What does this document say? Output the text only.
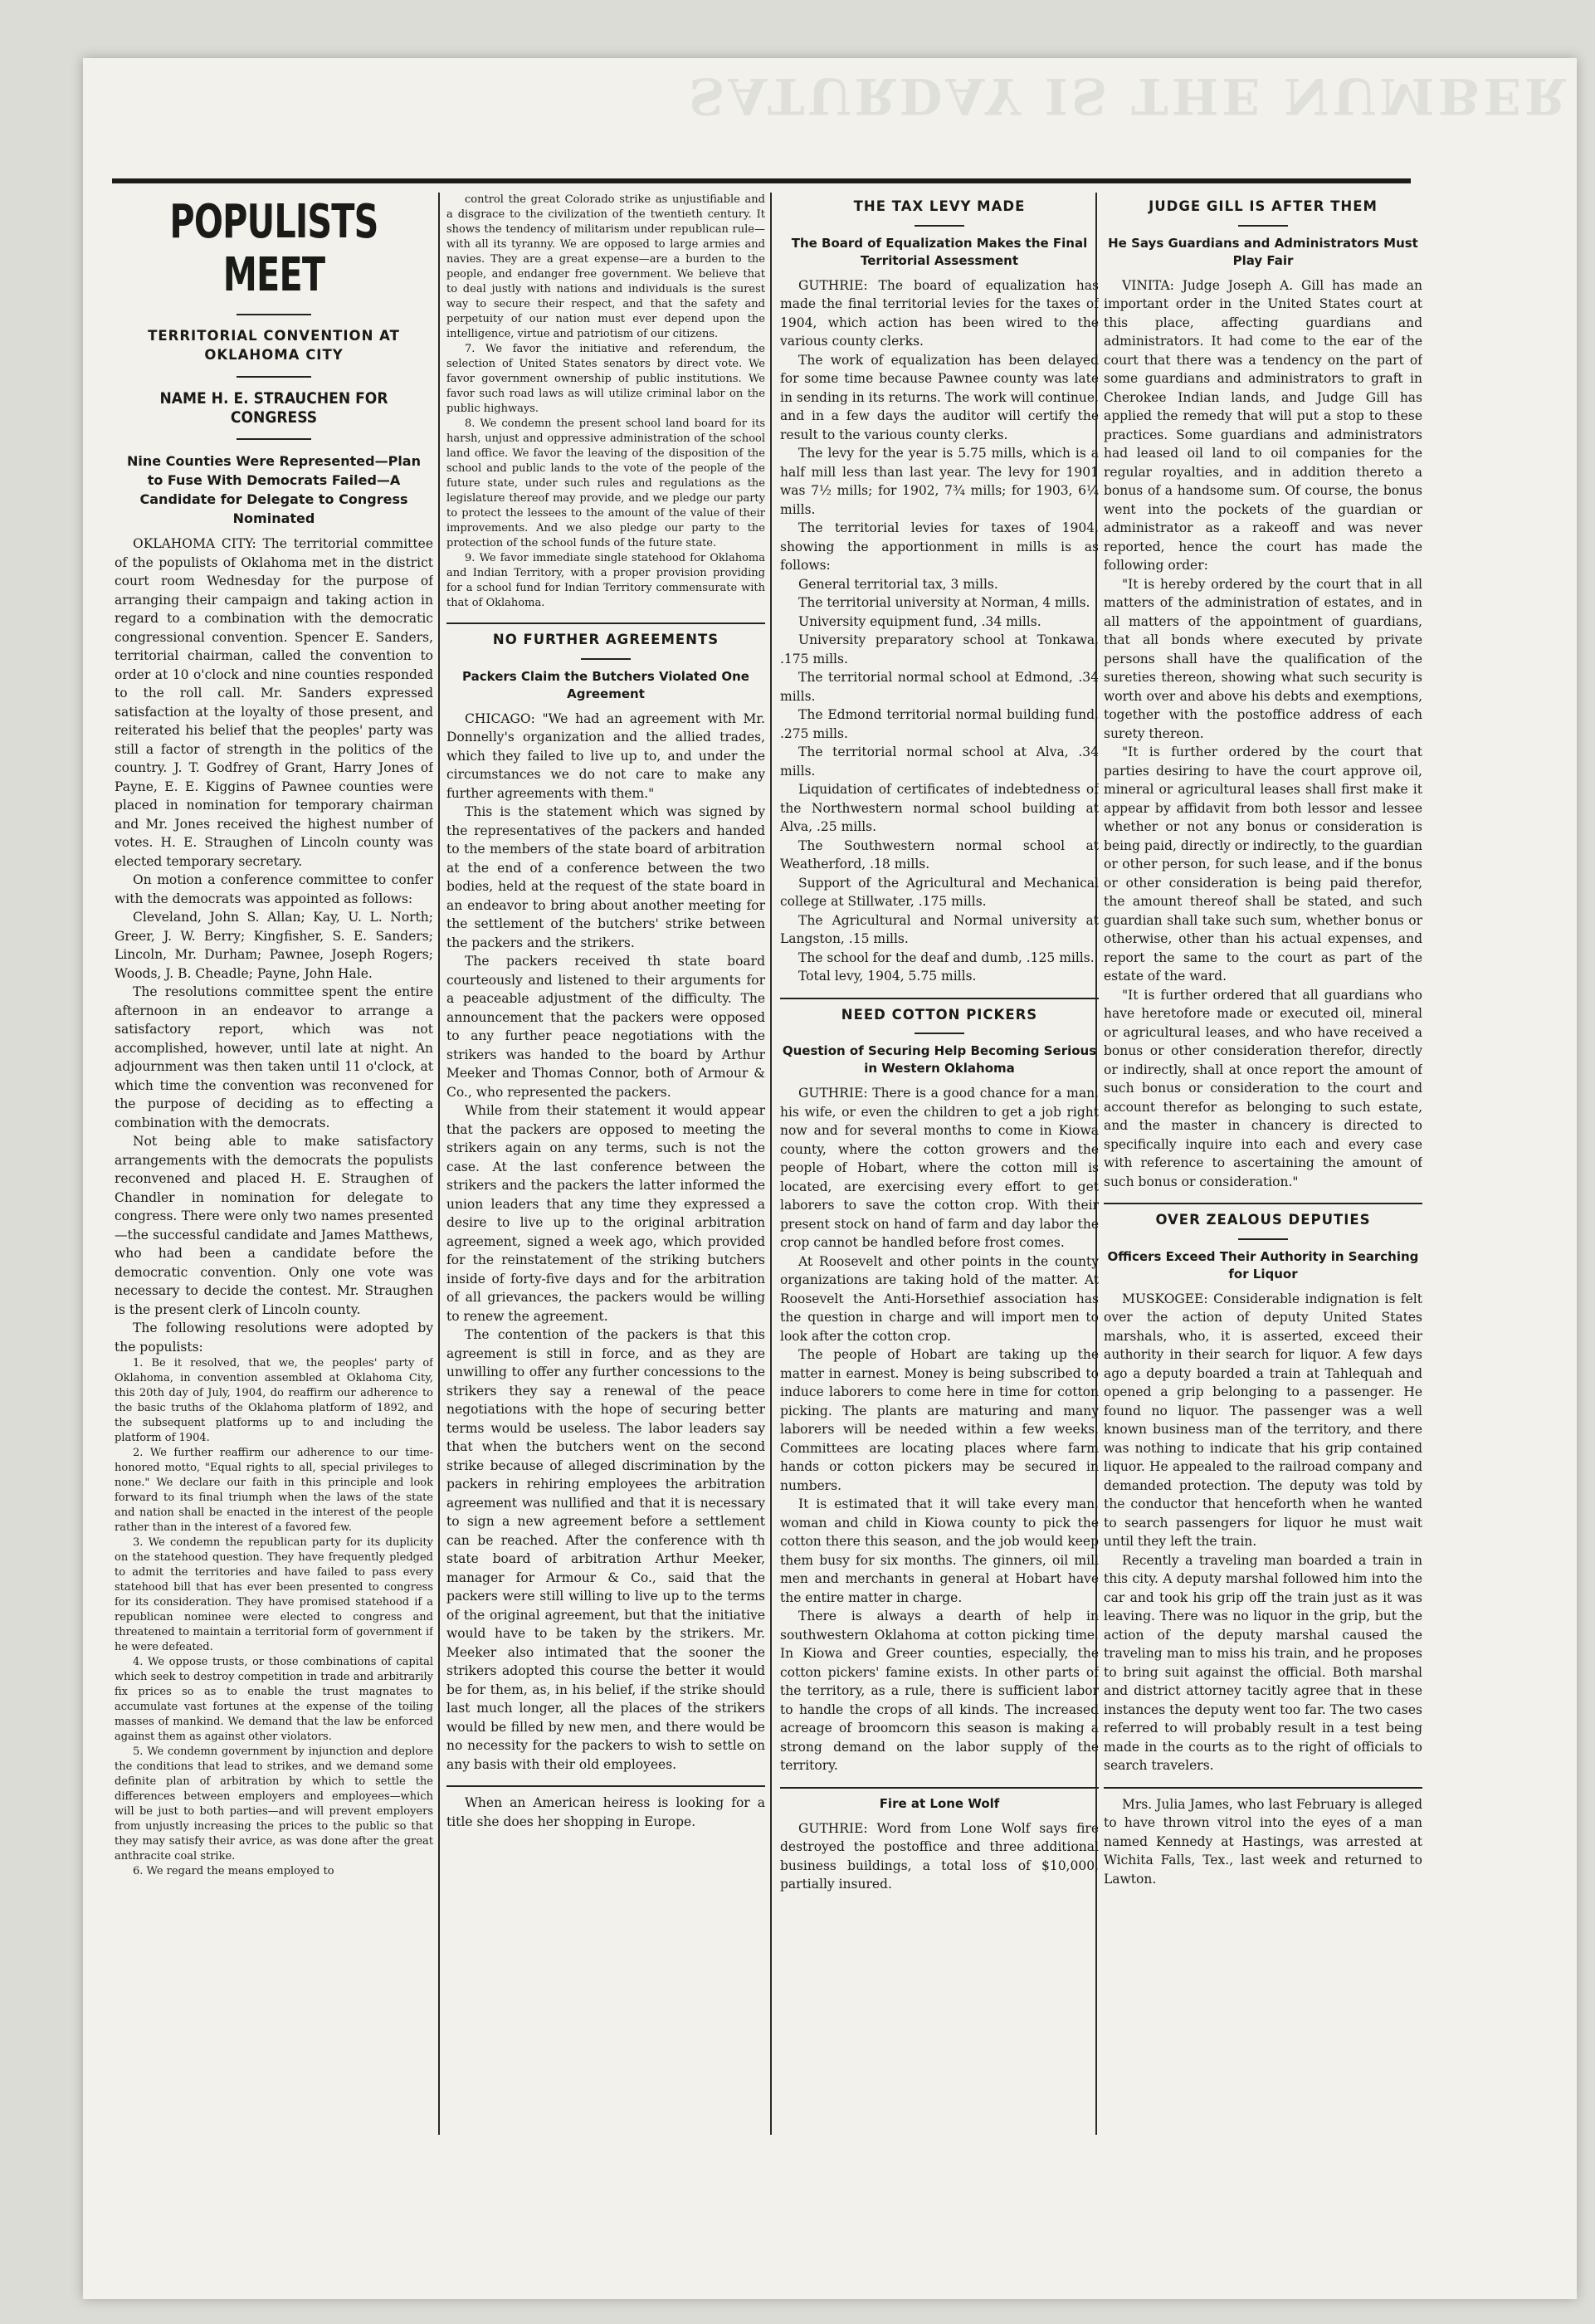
SATURDAY IS THE NUMBER
POPULISTS MEET
TERRITORIAL CONVENTION AT OKLAHOMA CITY
NAME H. E. STRAUCHEN FOR CONGRESS
Nine Counties Were Represented—Plan to Fuse With Democrats Failed—A Candidate for Delegate to Congress Nominated

OKLAHOMA CITY: The territorial committee of the populists of Oklahoma met in the district court room Wednesday for the purpose of arranging their campaign and taking action in regard to a combination with the democratic congressional convention. Spencer E. Sanders, territorial chairman, called the convention to order at 10 o'clock and nine counties responded to the roll call. Mr. Sanders expressed satisfaction at the loyalty of those present, and reiterated his belief that the peoples' party was still a factor of strength in the politics of the country. J. T. Godfrey of Grant, Harry Jones of Payne, E. E. Kiggins of Pawnee counties were placed in nomination for temporary chairman and Mr. Jones received the highest number of votes. H. E. Straughen of Lincoln county was elected temporary secretary.

On motion a conference committee to confer with the democrats was appointed as follows:

Cleveland, John S. Allan; Kay, U. L. North; Greer, J. W. Berry; Kingfisher, S. E. Sanders; Lincoln, Mr. Durham; Pawnee, Joseph Rogers; Woods, J. B. Cheadle; Payne, John Hale.

The resolutions committee spent the entire afternoon in an endeavor to arrange a satisfactory report, which was not accomplished, however, until late at night. An adjournment was then taken until 11 o'clock, at which time the convention was reconvened for the purpose of deciding as to effecting a combination with the democrats.

Not being able to make satisfactory arrangements with the democrats the populists reconvened and placed H. E. Straughen of Chandler in nomination for delegate to congress. There were only two names presented—the successful candidate and James Matthews, who had been a candidate before the democratic convention. Only one vote was necessary to decide the contest. Mr. Straughen is the present clerk of Lincoln county.

The following resolutions were adopted by the populists:

1. Be it resolved, that we, the peoples' party of Oklahoma, in convention assembled at Oklahoma City, this 20th day of July, 1904, do reaffirm our adherence to the basic truths of the Oklahoma platform of 1892, and the subsequent platforms up to and including the platform of 1904.

2. We further reaffirm our adherence to our time-honored motto, "Equal rights to all, special privileges to none." We declare our faith in this principle and look forward to its final triumph when the laws of the state and nation shall be enacted in the interest of the people rather than in the interest of a favored few.

3. We condemn the republican party for its duplicity on the statehood question. They have frequently pledged to admit the territories and have failed to pass every statehood bill that has ever been presented to congress for its consideration. They have promised statehood if a republican nominee were elected to congress and threatened to maintain a territorial form of government if he were defeated.

4. We oppose trusts, or those combinations of capital which seek to destroy competition in trade and arbitrarily fix prices so as to enable the trust magnates to accumulate vast fortunes at the expense of the toiling masses of mankind. We demand that the law be enforced against them as against other violators.

5. We condemn government by injunction and deplore the conditions that lead to strikes, and we demand some definite plan of arbitration by which to settle the differences between employers and employees—which will be just to both parties—and will prevent employers from unjustly increasing the prices to the public so that they may satisfy their avrice, as was done after the great anthracite coal strike.

6. We regard the means employed to

control the great Colorado strike as unjustifiable and a disgrace to the civilization of the twentieth century. It shows the tendency of militarism under republican rule—with all its tyranny. We are opposed to large armies and navies. They are a great expense—are a burden to the people, and endanger free government. We believe that to deal justly with nations and individuals is the surest way to secure their respect, and that the safety and perpetuity of our nation must ever depend upon the intelligence, virtue and patriotism of our citizens.

7. We favor the initiative and referendum, the selection of United States senators by direct vote. We favor government ownership of public institutions. We favor such road laws as will utilize criminal labor on the public highways.

8. We condemn the present school land board for its harsh, unjust and oppressive administration of the school land office. We favor the leaving of the disposition of the school and public lands to the vote of the people of the future state, under such rules and regulations as the legislature thereof may provide, and we pledge our party to protect the lessees to the amount of the value of their improvements. And we also pledge our party to the protection of the school funds of the future state.

9. We favor immediate single statehood for Oklahoma and Indian Territory, with a proper provision providing for a school fund for Indian Territory commensurate with that of Oklahoma.

NO FURTHER AGREEMENTS
Packers Claim the Butchers Violated One Agreement

CHICAGO: "We had an agreement with Mr. Donnelly's organization and the allied trades, which they failed to live up to, and under the circumstances we do not care to make any further agreements with them."

This is the statement which was signed by the representatives of the packers and handed to the members of the state board of arbitration at the end of a conference between the two bodies, held at the request of the state board in an endeavor to bring about another meeting for the settlement of the butchers' strike between the packers and the strikers.

The packers received th state board courteously and listened to their arguments for a peaceable adjustment of the difficulty. The announcement that the packers were opposed to any further peace negotiations with the strikers was handed to the board by Arthur Meeker and Thomas Connor, both of Armour & Co., who represented the packers.

While from their statement it would appear that the packers are opposed to meeting the strikers again on any terms, such is not the case. At the last conference between the strikers and the packers the latter informed the union leaders that any time they expressed a desire to live up to the original arbitration agreement, signed a week ago, which provided for the reinstatement of the striking butchers inside of forty-five days and for the arbitration of all grievances, the packers would be willing to renew the agreement.

The contention of the packers is that this agreement is still in force, and as they are unwilling to offer any further concessions to the strikers they say a renewal of the peace negotiations with the hope of securing better terms would be useless. The labor leaders say that when the butchers went on the second strike because of alleged discrimination by the packers in rehiring employees the arbitration agreement was nullified and that it is necessary to sign a new agreement before a settlement can be reached. After the conference with th state board of arbitration Arthur Meeker, manager for Armour & Co., said that the packers were still willing to live up to the terms of the original agreement, but that the initiative would have to be taken by the strikers. Mr. Meeker also intimated that the sooner the strikers adopted this course the better it would be for them, as, in his belief, if the strike should last much longer, all the places of the strikers would be filled by new men, and there would be no necessity for the packers to wish to settle on any basis with their old employees.

When an American heiress is looking for a title she does her shopping in Europe.

THE TAX LEVY MADE
The Board of Equalization Makes the Final Territorial Assessment

GUTHRIE: The board of equalization has made the final territorial levies for the taxes of 1904, which action has been wired to the various county clerks.

The work of equalization has been delayed for some time because Pawnee county was late in sending in its returns. The work will continue, and in a few days the auditor will certify the result to the various county clerks.

The levy for the year is 5.75 mills, which is a half mill less than last year. The levy for 1901 was 7½ mills; for 1902, 7¾ mills; for 1903, 6¼ mills.

The territorial levies for taxes of 1904, showing the apportionment in mills is as follows:

General territorial tax, 3 mills.

The territorial university at Norman, 4 mills.

University equipment fund, .34 mills.

University preparatory school at Tonkawa, .175 mills.

The territorial normal school at Edmond, .34 mills.

The Edmond territorial normal building fund, .275 mills.

The territorial normal school at Alva, .34 mills.

Liquidation of certificates of indebtedness of the Northwestern normal school building at Alva, .25 mills.

The Southwestern normal school at Weatherford, .18 mills.

Support of the Agricultural and Mechanical college at Stillwater, .175 mills.

The Agricultural and Normal university at Langston, .15 mills.

The school for the deaf and dumb, .125 mills.

Total levy, 1904, 5.75 mills.

NEED COTTON PICKERS
Question of Securing Help Becoming Serious in Western Oklahoma

GUTHRIE: There is a good chance for a man, his wife, or even the children to get a job right now and for several months to come in Kiowa county, where the cotton growers and the people of Hobart, where the cotton mill is located, are exercising every effort to get laborers to save the cotton crop. With their present stock on hand of farm and day labor the crop cannot be handled before frost comes.

At Roosevelt and other points in the county organizations are taking hold of the matter. At Roosevelt the Anti-Horsethief association has the question in charge and will import men to look after the cotton crop.

The people of Hobart are taking up the matter in earnest. Money is being subscribed to induce laborers to come here in time for cotton picking. The plants are maturing and many laborers will be needed within a few weeks. Committees are locating places where farm hands or cotton pickers may be secured in numbers.

It is estimated that it will take every man, woman and child in Kiowa county to pick the cotton there this season, and the job would keep them busy for six months. The ginners, oil mill men and merchants in general at Hobart have the entire matter in charge.

There is always a dearth of help in southwestern Oklahoma at cotton picking time. In Kiowa and Greer counties, especially, the cotton pickers' famine exists. In other parts of the territory, as a rule, there is sufficient labor to handle the crops of all kinds. The increased acreage of broomcorn this season is making a strong demand on the labor supply of the territory.

Fire at Lone Wolf

GUTHRIE: Word from Lone Wolf says fire destroyed the postoffice and three additional business buildings, a total loss of $10,000, partially insured.

JUDGE GILL IS AFTER THEM
He Says Guardians and Administrators Must Play Fair

VINITA: Judge Joseph A. Gill has made an important order in the United States court at this place, affecting guardians and administrators. It had come to the ear of the court that there was a tendency on the part of some guardians and administrators to graft in Cherokee Indian lands, and Judge Gill has applied the remedy that will put a stop to these practices. Some guardians and administrators had leased oil land to oil companies for the regular royalties, and in addition thereto a bonus of a handsome sum. Of course, the bonus went into the pockets of the guardian or administrator as a rakeoff and was never reported, hence the court has made the following order:

"It is hereby ordered by the court that in all matters of the administration of estates, and in all matters of the appointment of guardians, that all bonds where executed by private persons shall have the qualification of the sureties thereon, showing what such security is worth over and above his debts and exemptions, together with the postoffice address of each surety thereon.

"It is further ordered by the court that parties desiring to have the court approve oil, mineral or agricultural leases shall first make it appear by affidavit from both lessor and lessee whether or not any bonus or consideration is being paid, directly or indirectly, to the guardian or other person, for such lease, and if the bonus or other consideration is being paid therefor, the amount thereof shall be stated, and such guardian shall take such sum, whether bonus or otherwise, other than his actual expenses, and report the same to the court as part of the estate of the ward.

"It is further ordered that all guardians who have heretofore made or executed oil, mineral or agricultural leases, and who have received a bonus or other consideration therefor, directly or indirectly, shall at once report the amount of such bonus or consideration to the court and account therefor as belonging to such estate, and the master in chancery is directed to specifically inquire into each and every case with reference to ascertaining the amount of such bonus or consideration."

OVER ZEALOUS DEPUTIES
Officers Exceed Their Authority in Searching for Liquor

MUSKOGEE: Considerable indignation is felt over the action of deputy United States marshals, who, it is asserted, exceed their authority in their search for liquor. A few days ago a deputy boarded a train at Tahlequah and opened a grip belonging to a passenger. He found no liquor. The passenger was a well known business man of the territory, and there was nothing to indicate that his grip contained liquor. He appealed to the railroad company and demanded protection. The deputy was told by the conductor that henceforth when he wanted to search passengers for liquor he must wait until they left the train.

Recently a traveling man boarded a train in this city. A deputy marshal followed him into the car and took his grip off the train just as it was leaving. There was no liquor in the grip, but the action of the deputy marshal caused the traveling man to miss his train, and he proposes to bring suit against the official. Both marshal and district attorney tacitly agree that in these instances the deputy went too far. The two cases referred to will probably result in a test being made in the courts as to the right of officials to search travelers.

Mrs. Julia James, who last February is alleged to have thrown vitrol into the eyes of a man named Kennedy at Hastings, was arrested at Wichita Falls, Tex., last week and returned to Lawton.
